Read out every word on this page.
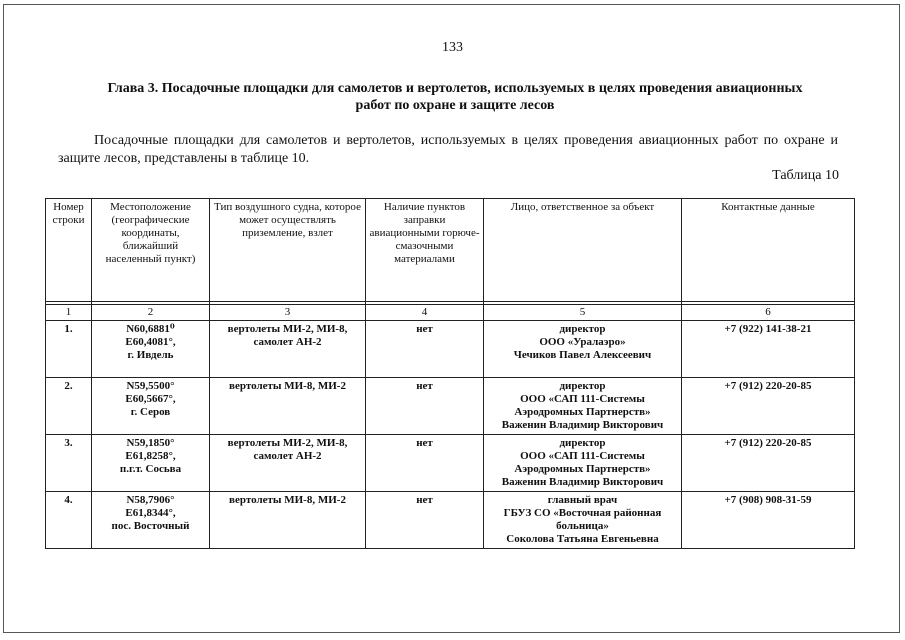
133
Глава 3. Посадочные площадки для самолетов и вертолетов, используемых в целях проведения авиационных
работ по охране и защите лесов
Посадочные площадки для самолетов и вертолетов, используемых в целях проведения авиационных работ по охране и защите лесов, представлены в таблице 10.
Таблица 10
Номер строки	Местоположение (географические координаты, ближайший населенный пункт)	Тип воздушного судна, которое может осуществлять приземление, взлет	Наличие пунктов заправки авиационными горюче-смазочными материалами	Лицо, ответственное за объект	Контактные данные

1	2	3	4	5	6
1.	N60,6881⁰
E60,4081°,
г. Ивдель	вертолеты МИ-2, МИ-8,
самолет АН-2	нет	директор
ООО «Уралаэро»
Чечиков Павел Алексеевич	+7 (922) 141-38-21
2.	N59,5500°
E60,5667°,
г. Серов	вертолеты МИ-8, МИ-2	нет	директор
ООО «САП 111-Системы
Аэродромных Партнерств»
Важенин Владимир Викторович	+7 (912) 220-20-85
3.	N59,1850°
E61,8258°,
п.г.т. Сосьва	вертолеты МИ-2, МИ-8,
самолет АН-2	нет	директор
ООО «САП 111-Системы
Аэродромных Партнерств»
Важенин Владимир Викторович	+7 (912) 220-20-85
4.	N58,7906°
E61,8344°,
пос. Восточный	вертолеты МИ-8, МИ-2	нет	главный врач
ГБУЗ СО «Восточная районная
больница»
Соколова Татьяна Евгеньевна	+7 (908) 908-31-59
